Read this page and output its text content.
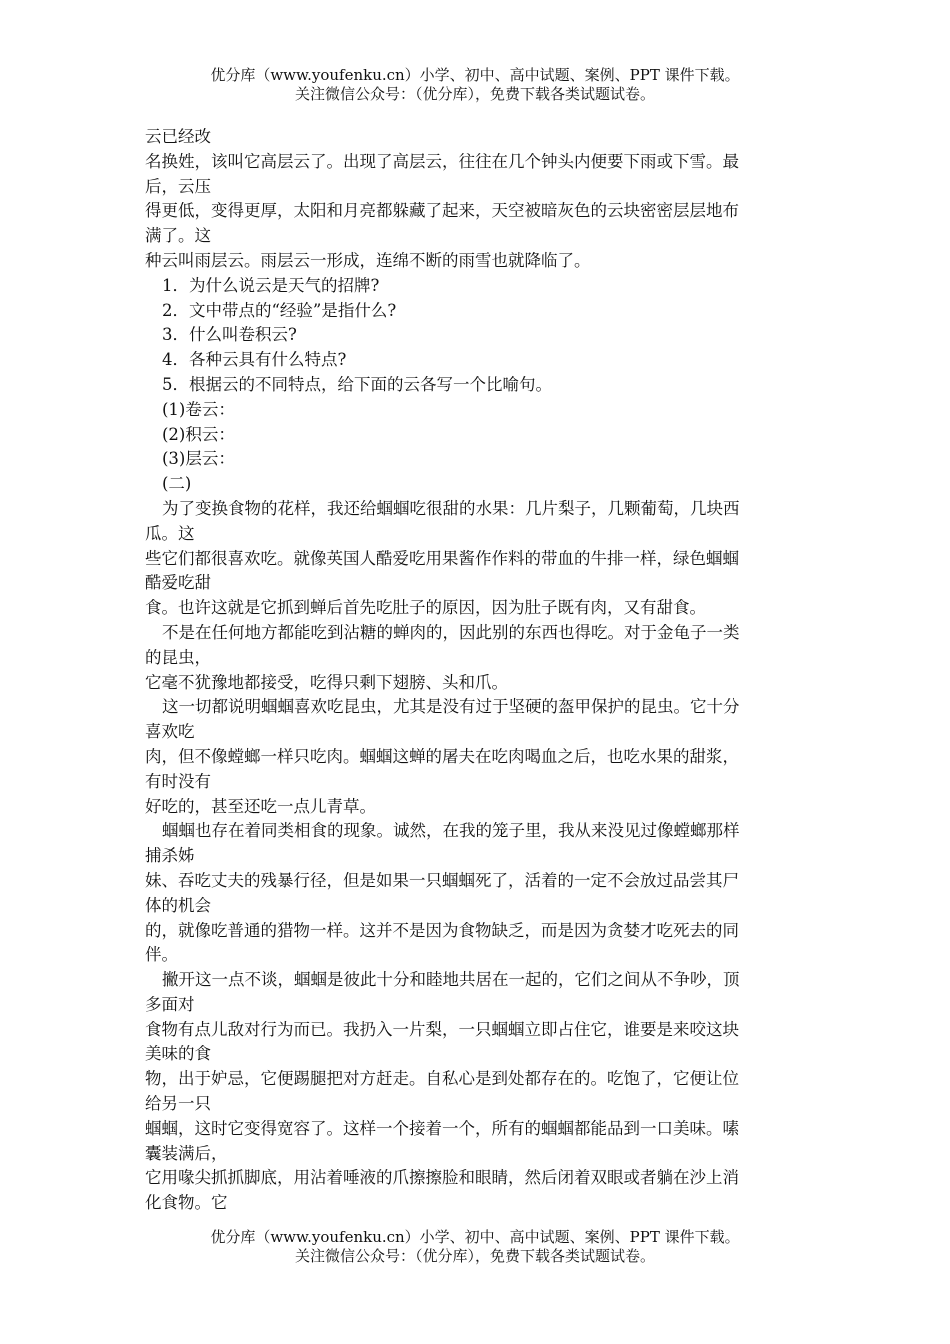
优分库（www.youfenku.cn）小学、初中、高中试题、案例、PPT 课件下载。
关注微信公众号：（优分库），免费下载各类试题试卷。
云已经改
名换姓，该叫它高层云了。出现了高层云，往往在几个钟头内便要下雨或下雪。最
后，云压
得更低，变得更厚，太阳和月亮都躲藏了起来，天空被暗灰色的云块密密层层地布
满了。这
种云叫雨层云。雨层云一形成，连绵不断的雨雪也就降临了。
1．为什么说云是天气的招牌?
2．文中带点的“经验”是指什么?
3．什么叫卷积云?
4．各种云具有什么特点?
5．根据云的不同特点，给下面的云各写一个比喻句。
(1)卷云：
(2)积云：
(3)层云：
(二)
为了变换食物的花样，我还给蝈蝈吃很甜的水果：几片梨子，几颗葡萄，几块西
瓜。这
些它们都很喜欢吃。就像英国人酷爱吃用果酱作作料的带血的牛排一样，绿色蝈蝈
酷爱吃甜
食。也许这就是它抓到蝉后首先吃肚子的原因，因为肚子既有肉，又有甜食。
不是在任何地方都能吃到沾糖的蝉肉的，因此别的东西也得吃。对于金龟子一类
的昆虫，
它毫不犹豫地都接受，吃得只剩下翅膀、头和爪。
这一切都说明蝈蝈喜欢吃昆虫，尤其是没有过于坚硬的盔甲保护的昆虫。它十分
喜欢吃
肉，但不像螳螂一样只吃肉。蝈蝈这蝉的屠夫在吃肉喝血之后，也吃水果的甜浆，
有时没有
好吃的，甚至还吃一点儿青草。
蝈蝈也存在着同类相食的现象。诚然，在我的笼子里，我从来没见过像螳螂那样
捕杀姊
妹、吞吃丈夫的残暴行径，但是如果一只蝈蝈死了，活着的一定不会放过品尝其尸
体的机会
的，就像吃普通的猎物一样。这并不是因为食物缺乏，而是因为贪婪才吃死去的同
伴。
撇开这一点不谈，蝈蝈是彼此十分和睦地共居在一起的，它们之间从不争吵，顶
多面对
食物有点儿敌对行为而已。我扔入一片梨，一只蝈蝈立即占住它，谁要是来咬这块
美味的食
物，出于妒忌，它便踢腿把对方赶走。自私心是到处都存在的。吃饱了，它便让位
给另一只
蝈蝈，这时它变得宽容了。这样一个接着一个，所有的蝈蝈都能品到一口美味。嗉
囊装满后，
它用喙尖抓抓脚底，用沾着唾液的爪擦擦脸和眼睛，然后闭着双眼或者躺在沙上消
化食物。它
优分库（www.youfenku.cn）小学、初中、高中试题、案例、PPT 课件下载。
关注微信公众号：（优分库），免费下载各类试题试卷。
